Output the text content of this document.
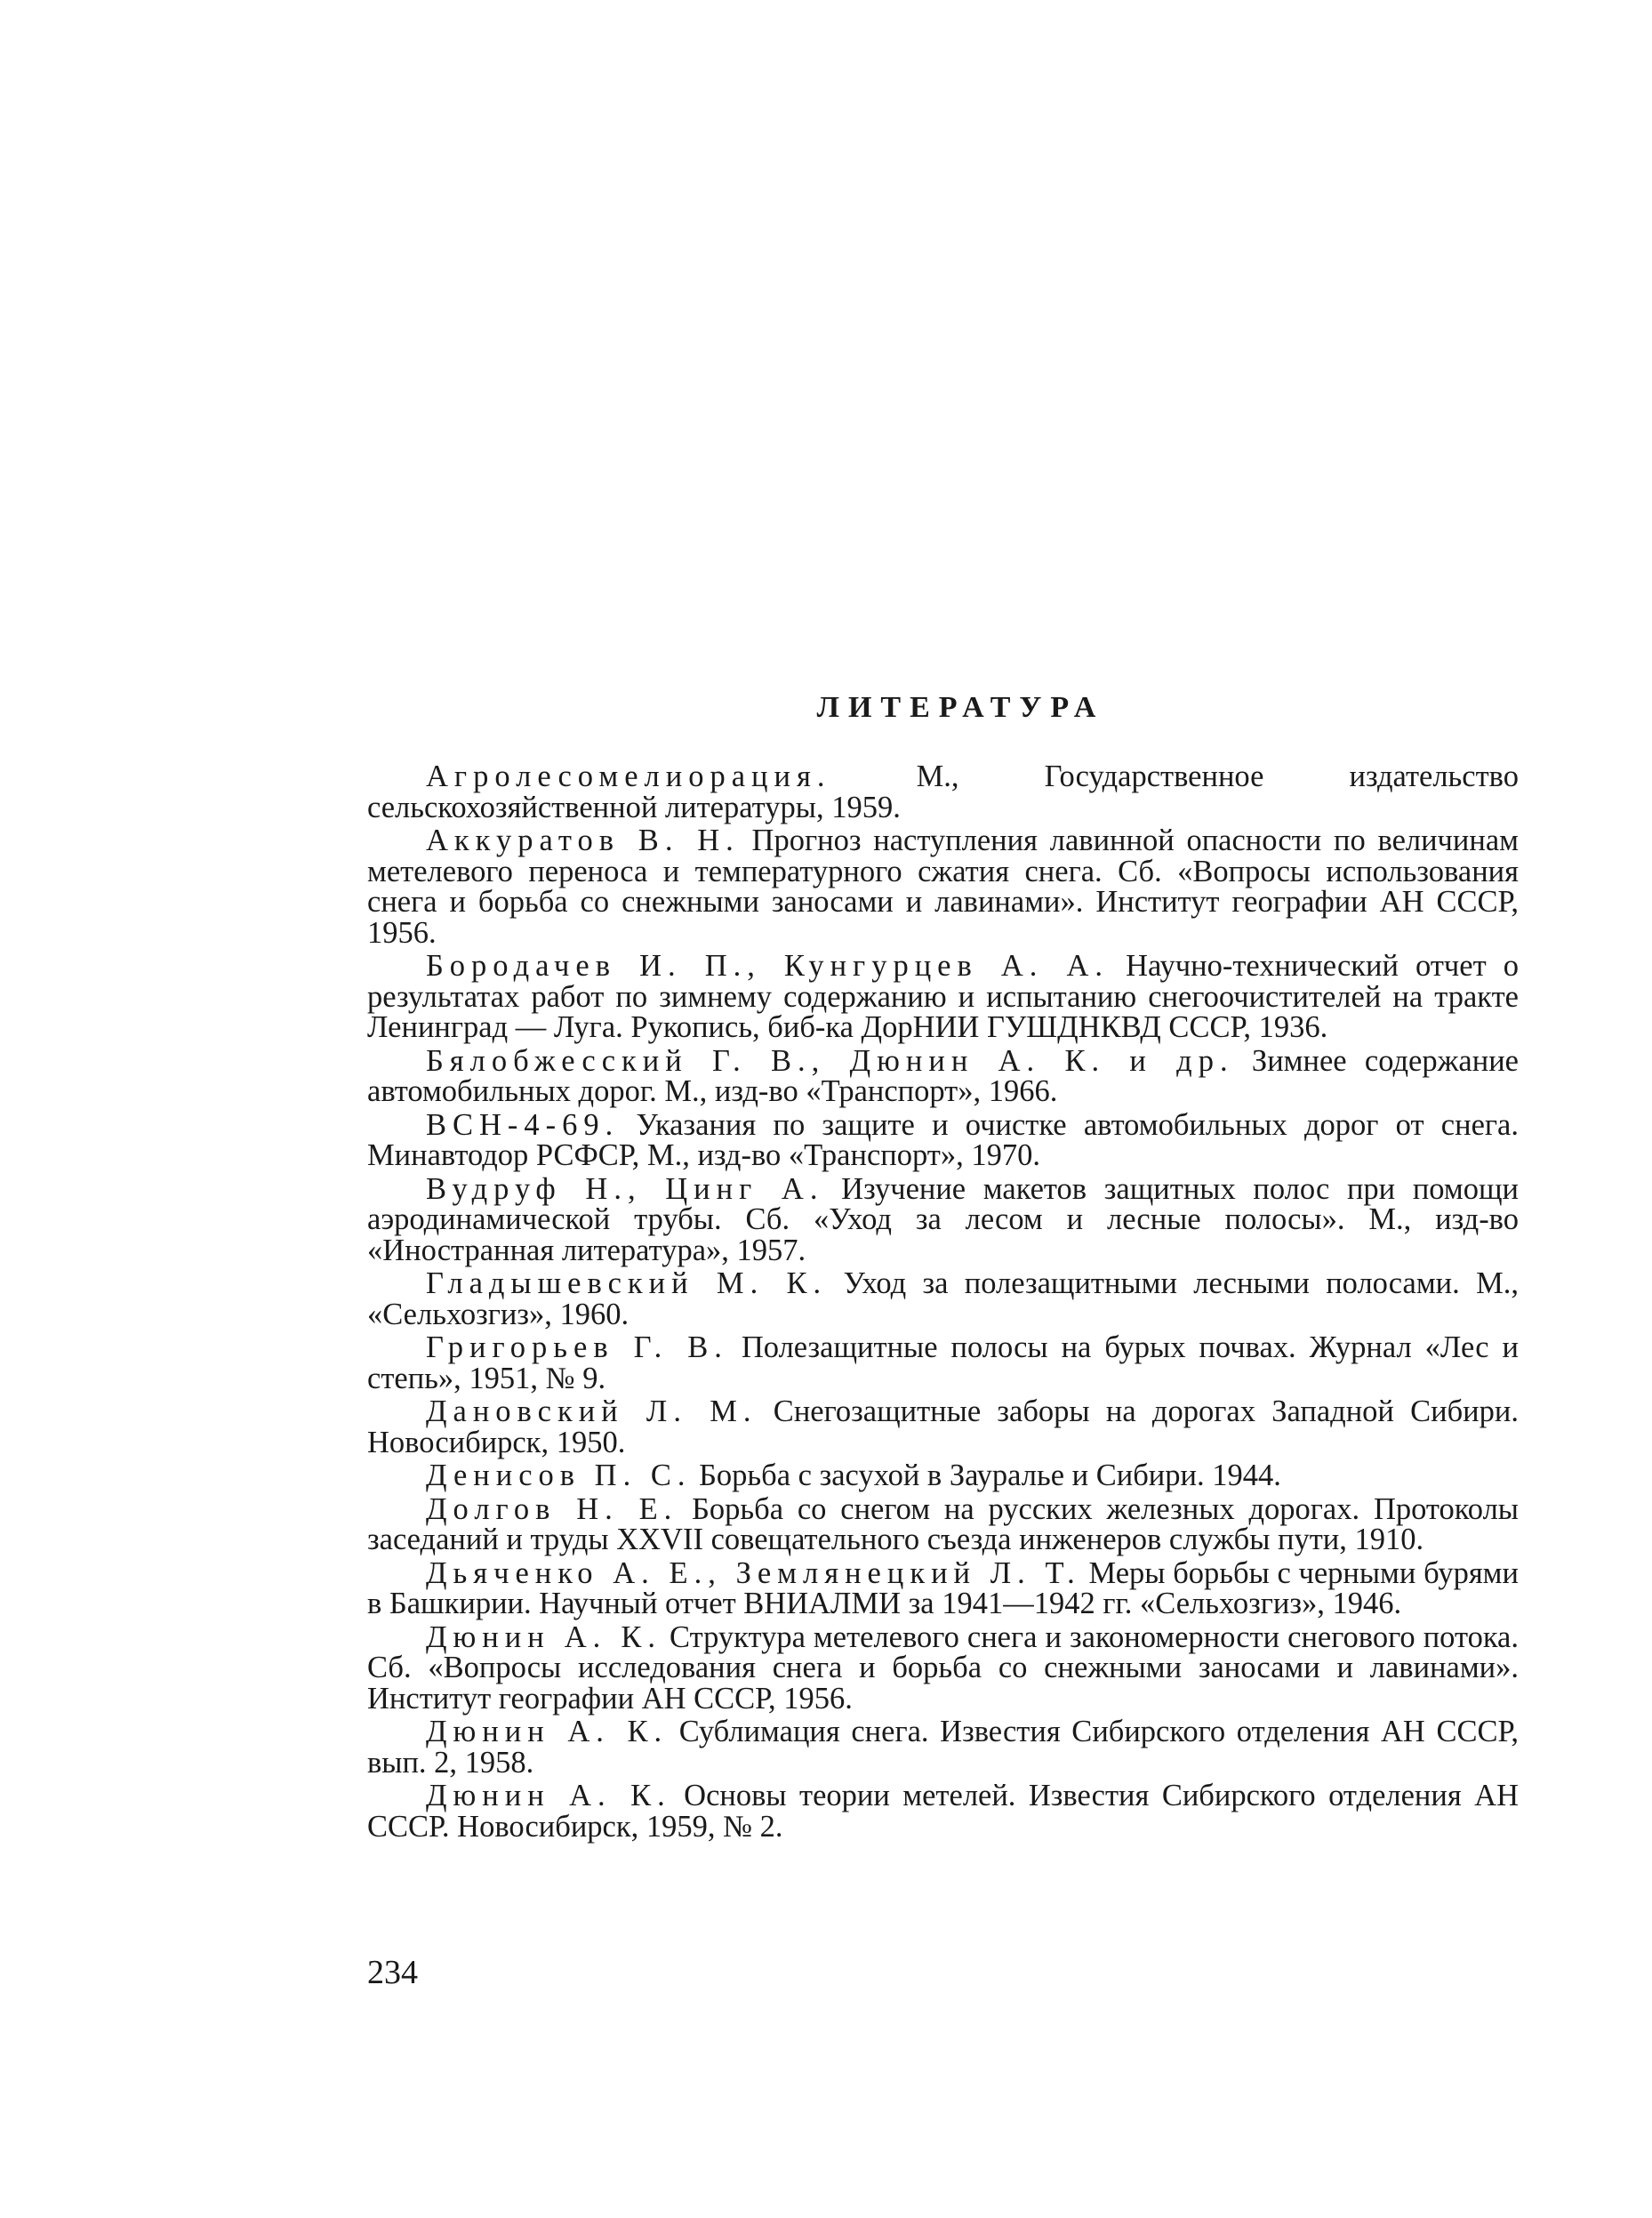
ЛИТЕРАТУРА
Агролесомелиорация. М., Государственное издательство сельскохозяйственной литературы, 1959.
Аккуратов В. Н. Прогноз наступления лавинной опасности по величинам метелевого переноса и температурного сжатия снега. Сб. «Вопросы использования снега и борьба со снежными заносами и лавинами». Институт географии АН СССР, 1956.
Бородачев И. П., Кунгурцев А. А. Научно-технический отчет о результатах работ по зимнему содержанию и испытанию снегоочистителей на тракте Ленинград — Луга. Рукопись, биб-ка ДорНИИ ГУШДНКВД СССР, 1936.
Бялобжесский Г. В., Дюнин А. К. и др. Зимнее содержание автомобильных дорог. М., изд-во «Транспорт», 1966.
ВСН-4-69. Указания по защите и очистке автомобильных дорог от снега. Минавтодор РСФСР, М., изд-во «Транспорт», 1970.
Вудруф Н., Цинг А. Изучение макетов защитных полос при помощи аэродинамической трубы. Сб. «Уход за лесом и лесные полосы». М., изд-во «Иностранная литература», 1957.
Гладышевский М. К. Уход за полезащитными лесными полосами. М., «Сельхозгиз», 1960.
Григорьев Г. В. Полезащитные полосы на бурых почвах. Журнал «Лес и степь», 1951, № 9.
Дановский Л. М. Снегозащитные заборы на дорогах Западной Сибири. Новосибирск, 1950.
Денисов П. С. Борьба с засухой в Зауралье и Сибири. 1944.
Долгов Н. Е. Борьба со снегом на русских железных дорогах. Протоколы заседаний и труды XXVII совещательного съезда инженеров службы пути, 1910.
Дьяченко А. Е., Землянецкий Л. Т. Меры борьбы с черными бурями в Башкирии. Научный отчет ВНИАЛМИ за 1941—1942 гг. «Сельхозгиз», 1946.
Дюнин А. К. Структура метелевого снега и закономерности снегового потока. Сб. «Вопросы исследования снега и борьба со снежными заносами и лавинами». Институт географии АН СССР, 1956.
Дюнин А. К. Сублимация снега. Известия Сибирского отделения АН СССР, вып. 2, 1958.
Дюнин А. К. Основы теории метелей. Известия Сибирского отделения АН СССР. Новосибирск, 1959, № 2.
234
